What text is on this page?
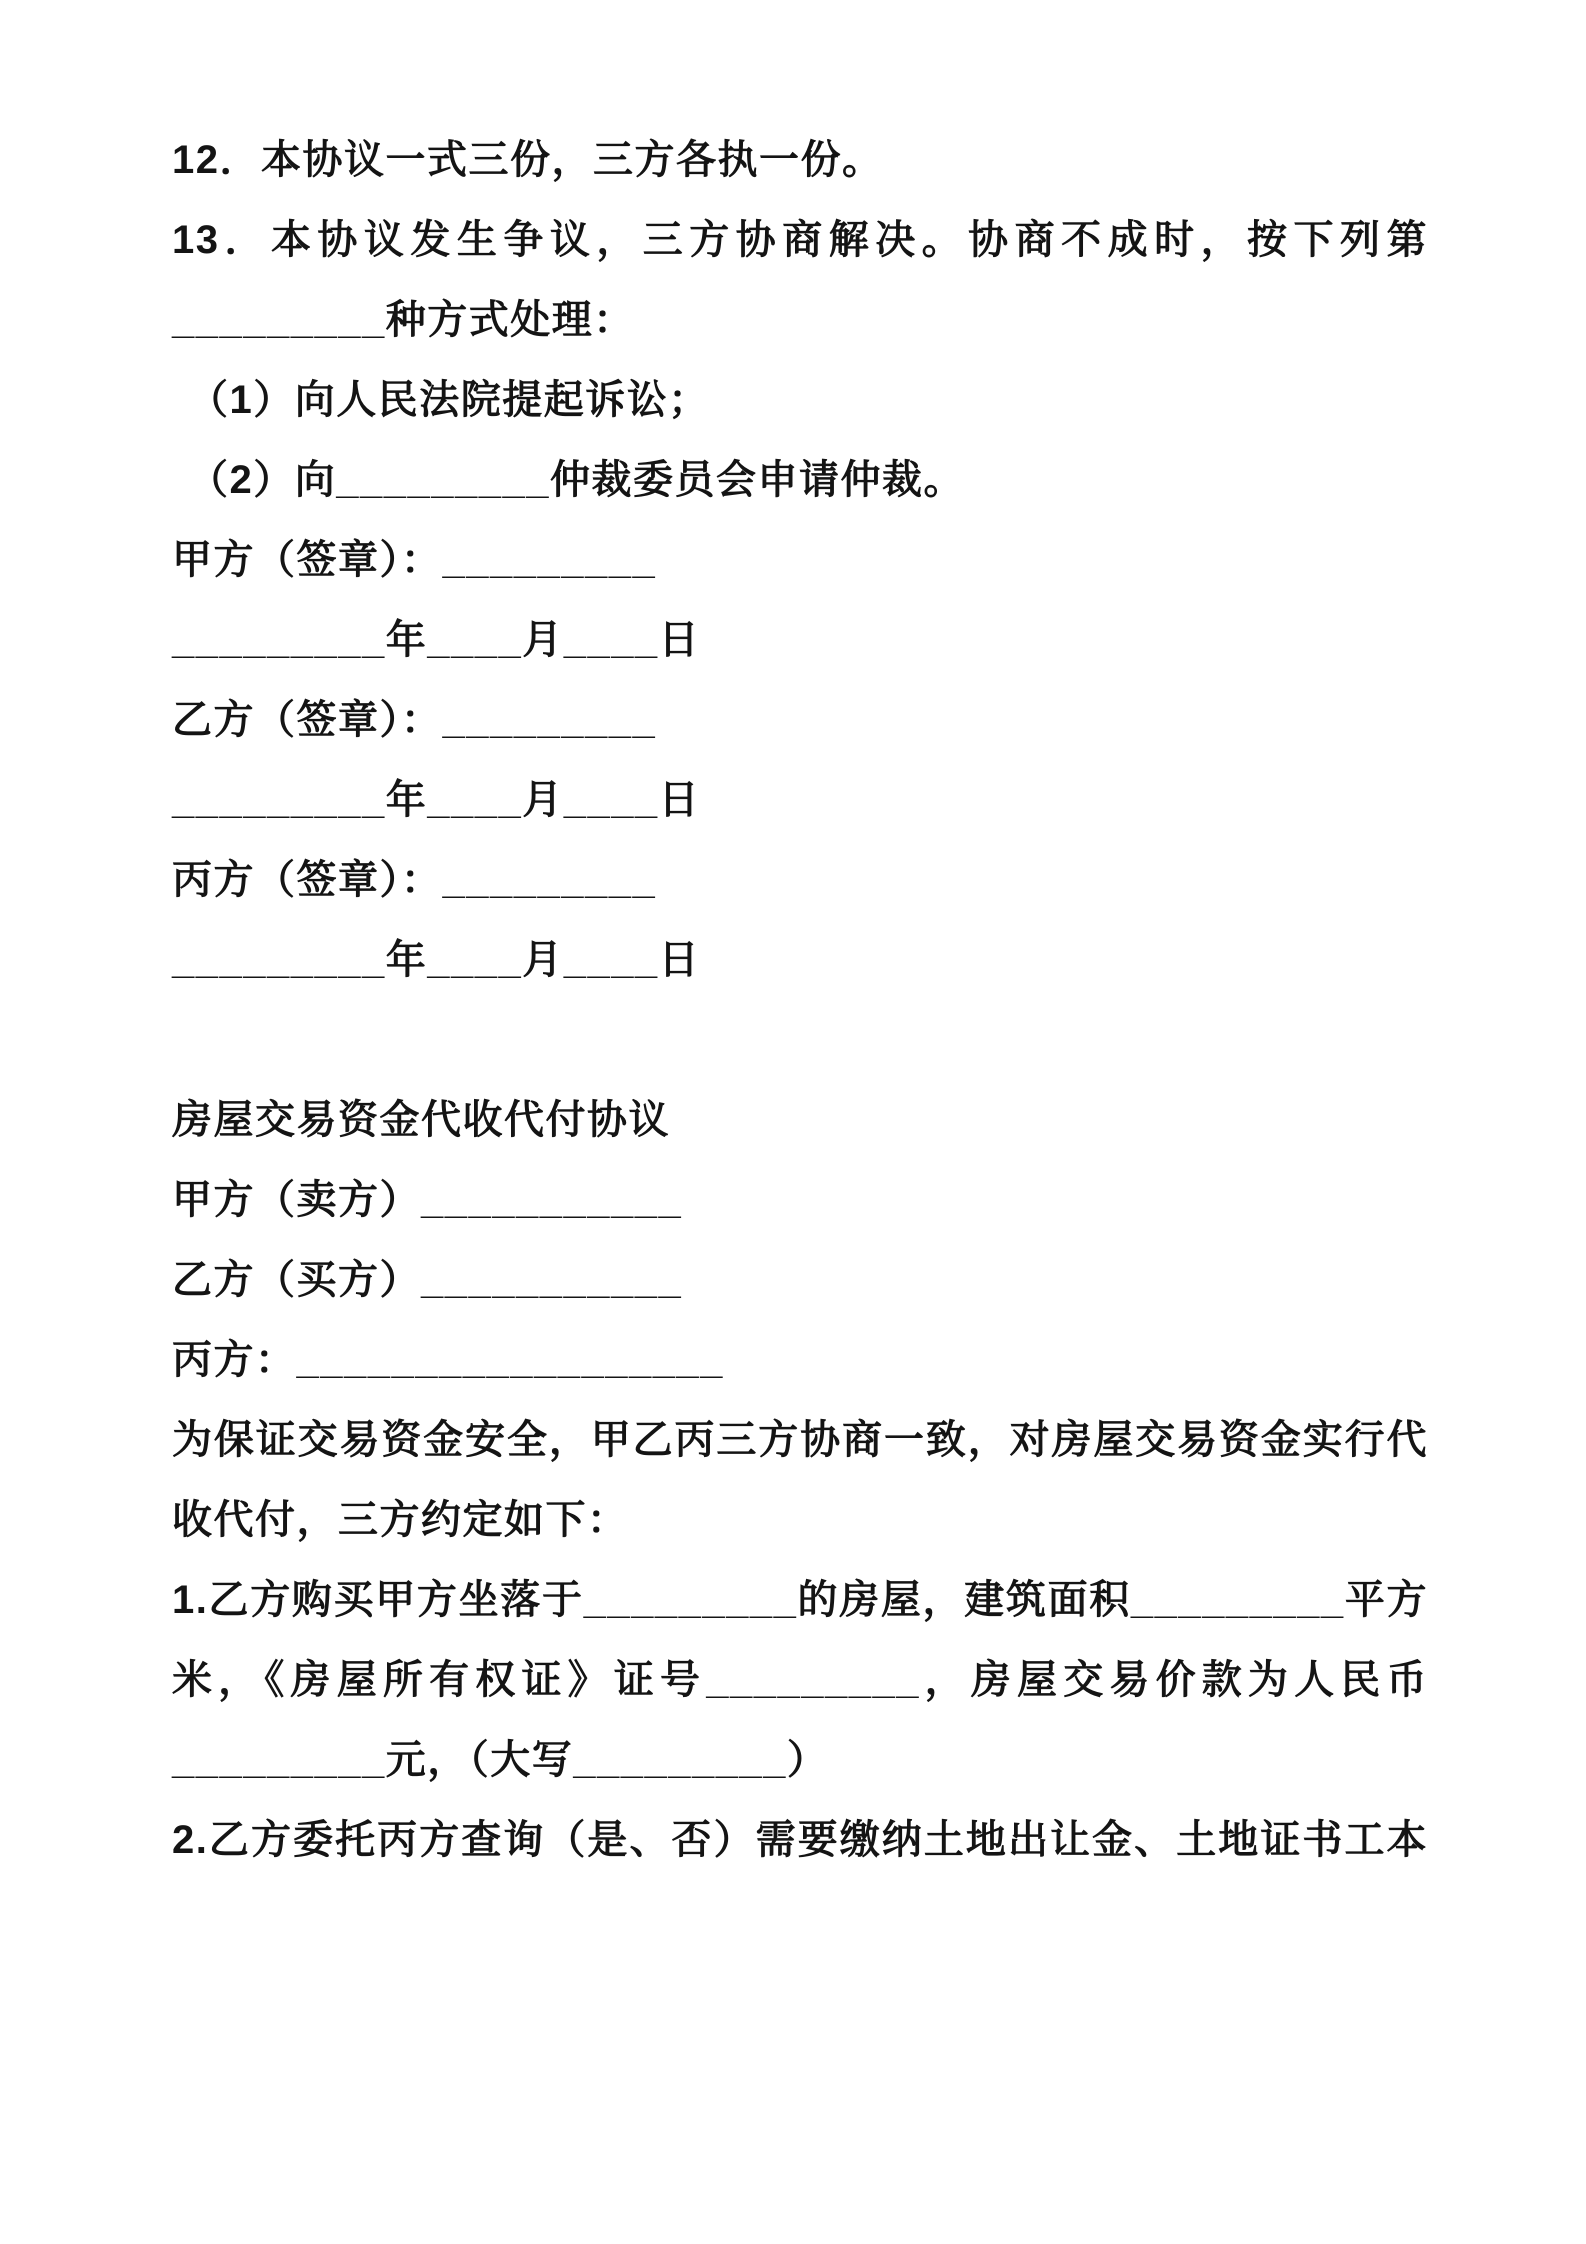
12．本协议一式三份，三方各执一份。
13．本协议发生争议，三方协商解决。协商不成时，按下列第
_________种方式处理：
（1）向人民法院提起诉讼；
（2）向_________仲裁委员会申请仲裁。
甲方（签章）：_________
_________年____月____日
乙方（签章）：_________
_________年____月____日
丙方（签章）：_________
_________年____月____日
房屋交易资金代收代付协议
甲方（卖方）___________
乙方（买方）___________
丙方：__________________
为保证交易资金安全，甲乙丙三方协商一致，对房屋交易资金实行代
收代付，三方约定如下：
1.乙方购买甲方坐落于_________的房屋，建筑面积_________平方
米，《房屋所有权证》证号_________，房屋交易价款为人民币
_________元，（大写_________）
2.乙方委托丙方查询（是、否）需要缴纳土地出让金、土地证书工本
